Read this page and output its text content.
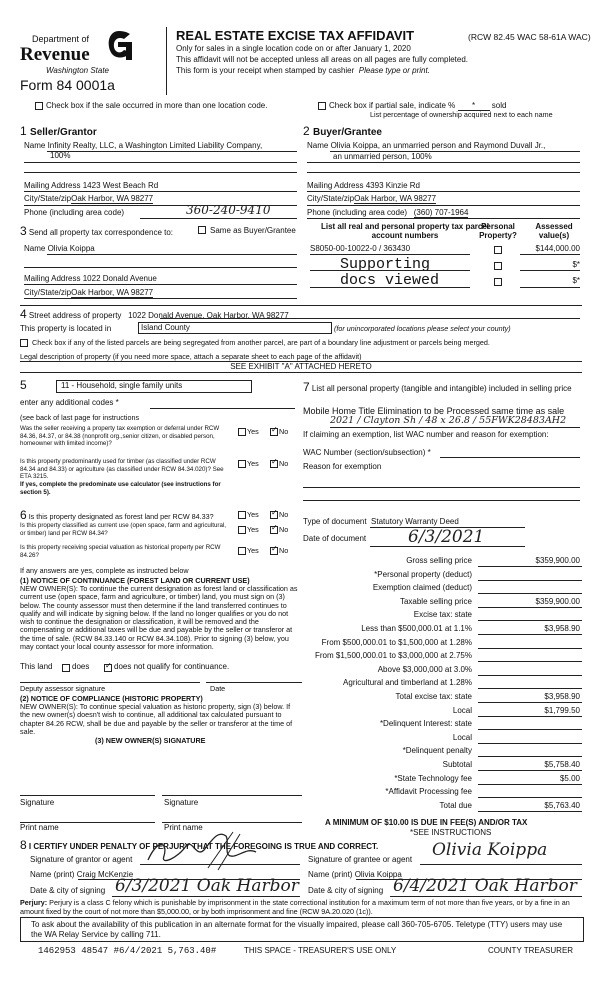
Department of
Revenue
Washington State
Form 84 0001a
REAL ESTATE EXCISE TAX AFFIDAVIT	(RCW 82.45 WAC 58-61A WAC)
Only for sales in a single location code on or after January 1, 2020
This affidavit will not be accepted unless all areas on all pages are fully completed.
This form is your receipt when stamped by cashier Please type or print.
Check box if the sale occurred in more than one location code.	Check box if partial sale, indicate % * sold
List percentage of ownership acquired next to each name
1 Seller/Grantor
Name Infinity Realty, LLC, a Washington Limited Liability Company,
100%
Mailing Address 1423 West Beach Rd
City/State/zipOak Harbor, WA 98277
Phone (including area code)	360-240-9410
2 Buyer/Grantee
Name Olivia Koippa, an unmarried person and Raymond Duvall Jr.,
an unmarried person, 100%
Mailing Address 4393 Kinzie Rd
City/State/zipOak Harbor, WA 98277
Phone (including area code) (360) 707-1964
3 Send all property tax correspondence to:	Same as Buyer/Grantee
Name Olivia Koippa
Mailing Address 1022 Donald Avenue
City/State/zipOak Harbor, WA 98277
List all real and personal property tax parcel account numbers
Personal Property?
Assessed value(s)
S8050-00-10022-0 / 363430	$144,000.00
Supporting	$*
docs viewed	$*
4 Street address of property 1022 Donald Avenue, Oak Harbor, WA 98277
This property is located in	Island County	(for unincorporated locations please select your county)
Check box if any of the listed parcels are being segregated from another parcel, are part of a boundary line adjustment or parcels being merged.
Legal description of property (if you need more space, attach a separate sheet to each page of the affidavit)
SEE EXHIBIT "A" ATTACHED HERETO
5	11 - Household, single family units
enter any additional codes *
(see back of last page for instructions
Was the seller receiving a property tax exemption or deferral under RCW 84.36, 84.37, or 84.38 (nonprofit org.,senior citizen, or disabled person, homeowner with limited income)?
Yes ✓	No
Is this property predominantly used for timber (as classified under RCW 84.34 and 84.33) or agriculture (as classified under RCW 84.34.020)? See ETA 3215.
Yes ✓	No
If yes, complete the predominate use calculator (see instructions for section 5).
6 Is this property designated as forest land per RCW 84.33?	Yes ✓	No
Is this property classified as current use (open space, farm and agricultural, or timber) land per RCW 84.34?	Yes ✓	No
Is this property receiving special valuation as historical property per RCW 84.26?	Yes ✓	No
If any answers are yes, complete as instructed below
(1) NOTICE OF CONTINUANCE (FOREST LAND OR CURRENT USE)
NEW OWNER(S): To continue the current designation as forest land or classification as current use (open space, farm and agriculture, or timber) land, you must sign on (3) below. The county assessor must then determine if the land transferred continues to qualify and will indicate by signing below. If the land no longer qualifies or you do not wish to continue the designation or classification, it will be removed and the compensating or additional taxes will be due and payable by the seller or transferor at the time of sale. (RCW 84.33.140 or RCW 84.34.108). Prior to signing (3) below, you may contact your local county assessor for more information.
This land does ✓	does not qualify for continuance.
Deputy assessor signature	Date
(2) NOTICE OF COMPLIANCE (HISTORIC PROPERTY)
NEW OWNER(S): To continue special valuation as historic property, sign (3) below. If the new owner(s) doesn't wish to continue, all additional tax calculated pursuant to chapter 84.26 RCW, shall be due and payable by the seller or transferor at the time of sale.
(3) NEW OWNER(S) SIGNATURE
Signature	Signature
Print name	Print name
7 List all personal property (tangible and intangible) included in selling price
Mobile Home Title Elimination to be Processed same time as sale
2021 / Clayton Sh / 48 x 26.8 / 55FWK28483AH2
If claiming an exemption, list WAC number and reason for exemption:
WAC Number (section/subsection) *
Reason for exemption
Type of document Statutory Warranty Deed
Date of document 6/3/2021
Gross selling price	$359,900.00
*Personal property (deduct)
Exemption claimed (deduct)
Taxable selling price	$359,900.00
Excise tax: state
Less than $500,000.01 at 1.1%	$3,958.90
From $500,000.01 to $1,500,000 at 1.28%
From $1,500,000.01 to $3,000,000 at 2.75%
Above $3,000,000 at 3.0%
Agricultural and timberland at 1.28%
Total excise tax: state	$3,958.90
Local	$1,799.50
*Delinquent Interest: state
Local
*Delinquent penalty
Subtotal	$5,758.40
*State Technology fee	$5.00
*Affidavit Processing fee
Total due	$5,763.40
A MINIMUM OF $10.00 IS DUE IN FEE(S) AND/OR TAX
*SEE INSTRUCTIONS
8 I CERTIFY UNDER PENALTY OF PERJURY THAT THE FOREGOING IS TRUE AND CORRECT.
Signature of grantor or agent
Name (print) Craig McKenzie
Date & city of signing 6/3/2021 Oak Harbor
Signature of grantee or agent Olivia Koippa
Name (print) Olivia Koippa
Date & city of signing 6/4/2021 Oak Harbor
Perjury: Perjury is a class C felony which is punishable by imprisonment in the state correctional institution for a maximum term of not more than five years, or by a fine in an amount fixed by the court of not more than $5,000.00, or by both imprisonment and fine (RCW 9A.20.020 (1c)).
To ask about the availability of this publication in an alternate format for the visually impaired, please call 360-705-6705. Teletype (TTY) users may use the WA Relay Service by calling 711.
1462953 48547 #6/4/2021 5,763.40#	THIS SPACE - TREASURER'S USE ONLY	COUNTY TREASURER
